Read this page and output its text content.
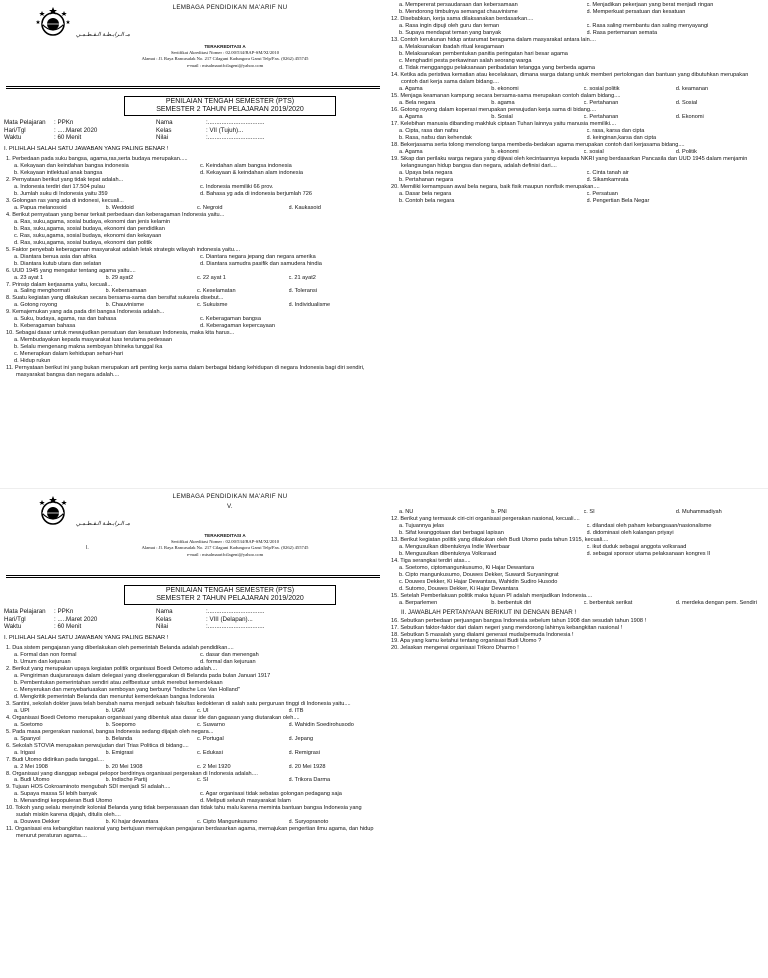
LEMBAGA PENDIDIKAN MA'ARIF NU
مـ الـرابـطـة الـقـطـمـي
TERAKREDITASI A
Sertifikat Akreditasi Nomer : 02.00/534/BAP-SM/XI/2010
Alamat : Jl. Raya Rancasalak No. 217 Cilaguni Kadungora Garut Telp/Fax. (0262) 455745
e-mail : mtsalmaarifcilageni@yahoo.com
PENILAIAN TENGAH SEMESTER (PTS)
SEMESTER 2 TAHUN PELAJARAN 2019/2020
Mata Pelajaran	: PPKn	Nama	:.................................
Hari/Tgl	: .....Maret 2020	Kelas	: VII (Tujuh)...
Waktu	: 60 Menit	Nilai	:.................................
I. PILIHLAH SALAH SATU JAWABAN YANG PALING BENAR !
1. Perbedaan pada suku bangsa, agama,ras,serta budaya merupakan.....
a. Kekayaan dan keindahan bangsa indonesia	c. Keindahan alam bangsa indonesia
b. Kekayaan intlektual anak bangsa	d. Kekayaan & keindahan alam indonesia
2. Pernyataan berikut yang tidak tepat adalah...
a. Indonesia terdiri dari 17.504 pulau	c. Indonesia memiliki 66 prov.
b. Jumlah suku di Indonesia yaitu 359	d. Bahasa yg ada di indonesia berjumlah 726
3. Golongan ras yang ada di indonesi, kecuali...
a. Papua melanosoid	b. Weddoid	c. Negroid	d. Kaukasoid
4. Berikut pernyataan yang benar terkait perbedaan dan keberagaman Indonesia yaitu...
a. Ras, suku,agama, sosial budaya, ekonomi dan jenis kelamin
b. Ras, suku,agama, sosial budaya, ekonomi dan pendidikan
c. Ras, suku,agama, sosial budaya, ekonomi dan kekayaan
d. Ras, suku,agama, sosial budaya, ekonomi dan politik
5. Faktor penyebab keberagaman masyarakat adalah letak strategis wilayah indonesia yaitu....
a. Diantara benua asia dan afrika	c. Diantara negara jepang dan negara amerika
b. Diantara kutub utara dan selatan	d. Diantara samudra pasifik dan samudera hindia
6. UUD 1945 yang mengatur tentang agama yaitu....
a. 23 ayat 1	b. 29 ayat2	c. 22 ayat 1	c. 21 ayat2
7. Prinsip dalam kerjasama yaitu, kecuali...
a. Saling menghormati	b. Kebersamaan	c. Keselamatan	d. Toleransi
8. Suatu kegiatan yang dilakukan secara bersama-sama dan bersifat sukarela disebut...
a. Gotong royong	b. Chauvinisme	c. Sukuisme	d. Individualisme
9. Kemajemukan yang ada pada diri bangsa Indonesia adalah...
a. Suku, budaya, agama, ras dan bahasa	c. Keberagaman bangsa
b. Keberagaman bahasa	d. Keberagaman kepercayaan
10. Sebagai dasar untuk mewujudkan persatuan dan kesatuan Indonesia, maka kita harus...
a. Membudayakan kepada masyarakat luas terutama pedesaan
b. Selalu mengenang makna semboyan bhineka tunggal ika
c. Menerapkan dalam kehidupan sehari-hari
d. Hidup rukun
11. Pernyataan berikut ini yang bukan merupakan arti penting kerja sama dalam berbagai bidang kehidupan di negara Indonesia bagi diri sendiri, masyarakat bangsa dan negara adalah....
a. Mempererat persaudaraan dan kebersamaan	c. Menjadikan pekerjaan yang berat menjadi ringan
b. Mendorong timbulnya semangat chauvinisme	d. Memperkuat persatuan dan kesatuan
12. Disebabkan, kerja sama dilaksanakan berdasarkan....
a. Rasa ingin dipuji oleh guru dan teman	c. Rasa saling membantu dan saling menyayangi
b. Supaya mendapat teman yang banyak	d. Rasa pertemanan semata
13. Contoh kerukunan hidup antarumat beragama dalam masyarakat antara lain....
a. Melaksanakan ibadah ritual keagamaan
b. Melaksanakan pembentukan panitia peringatan hari besar agama
c. Menghadiri pesta perkawinan salah seorang warga
d. Tidak mengganggu pelaksanaan peribadatan tetangga yang berbeda agama
14. Ketika ada peristiwa kematian atau kecelakaan, dimana warga datang untuk memberi pertolongan dan bantuan yang dibutuhkan merupakan contoh dari kerja sama dalam bidang....
a. Agama	b. ekonomi	c. sosial politik	d. keamanan
15. Menjaga keamanan kampung secara bersama-sama merupakan contoh dalam bidang....
a. Bela negara	b. agama	c. Pertahanan	d. Sosial
16. Gotong royong dalam koperasi merupakan perwujudan kerja sama di bidang....
a. Agama	b. Sosial	c. Pertahanan	d. Ekonomi
17. Kelebihan manusia dibanding makhluk ciptaan Tuhan lainnya yaitu manusia memiliki....
a. Cipta, rasa dan nafsu	c. rasa, karsa dan cipta
b. Rasa, nafsu dan kehendak	d. keinginan,karsa dan cipta
18. Bekerjasama serta tolong menolong tanpa membeda-bedakan agama merupakan contoh dari kerjasama bidang....
a. Agama	b. ekonomi	c. sosial	d. Politik
19. Sikap dan perilaku warga negara yang dijiwai oleh kecintaannya kepada NKRI yang berdasarkan Pancasila dan UUD 1945 dalam menjamin kelangsungan hidup bangsa dan negara, adalah definisi dari....
a. Upaya bela negara	c. Cinta tanah air
b. Pertahanan negara	d. Sikamkamrata
20. Memiliki kemampuan awal bela negara, baik fisik maupun nonfisik merupakan....
a. Dasar bela negara	c. Persatuan
b. Contoh bela negara	d. Pengertian Bela Negar
LEMBAGA PENDIDIKAN MA'ARIF NU
V.
مـ الـرابـطـة الـقـطـمـي
TERAKREDITASI A
Sertifikat Akreditasi Nomer : 02.00/534/BAP-SM/XI/2010
Alamat : Jl. Raya Rancasalak No. 217 Cilaguni Kadungora Garut Telp/Fax. (0262) 455745
e-mail : mtsalmaarifcilageni@yahoo.com
I.
PENILAIAN TENGAH SEMESTER (PTS)
SEMESTER 2 TAHUN PELAJARAN 2019/2020
Mata Pelajaran	: PPKn	Nama	:.................................
Hari/Tgl	: .....Maret 2020	Kelas	: VIII (Delapan)...
Waktu	: 60 Menit	Nilai	:.................................
I. PILIHLAH SALAH SATU JAWABAN YANG PALING BENAR !
1. Dua sistem pengajaran yang diberlakukan oleh pemerintah Belanda adalah pendidikan....
a. Formal dan non formal	c. dasar dan menengah
b. Umum dan kejuruan	d. formal dan kejuruan
2. Berikut yang merupakan upaya kegiatan politik organisasi Boedi Oetomo adalah....
a. Pengiriman duajuransaya dalam delegasi yang diselenggarakan di Belanda pada bulan Januari 1917
b. Pembentukan pemerintahan sendiri atau zelfbestuur untuk merebut kemerdekaan
c. Menyerukan dan menyebarluaskan semboyan yang berbunyi "Indische Los Van Holland"
d. Mengkritik pemerintah Belanda dan menuntut kemerdekaan bangsa Indonesia
3. Santini, sekolah dokter jawa telah berubah nama menjadi sebuah fakultas kedokteran di salah satu perguruan tinggi di Indonesia yaitu....
a. UPI	b. UGM	c. UI	d. ITB
4. Organisasi Boedi Oetomo merupakan organisasi yang dibentuk atas dasar ide dan gagasan yang diutarakan oleh....
a. Soetomo	b. Soepomo	c. Suwarno	d. Wahidin Soedirohusodo
5. Pada masa pergerakan nasional, bangsa Indonesia sedang dijajah oleh negara...
a. Spanyol	b. Belanda	c. Portugal	d. Jepang
6. Sekolah STOVIA merupakan perwujudan dari Trias Politica di bidang....
a. Irigasi	b. Emigrasi	c. Edukasi	d. Remigrasi
7. Budi Utomo didirikan pada tanggal....
a. 2 Mei 1908	b. 20 Mei 1908	c. 2 Mei 1920	d. 20 Mei 1928
8. Organisasi yang dianggap sebagai pelopor berdirinya organisasi pergerakan di Indonesia adalah....
a. Budi Utomo	b. Indische Partij	c. SI	d. Trikora Darma
9. Tujuan HOS Cokroaminoto mengubah SDI menjadi SI adalah....
a. Supaya massa SI lebih banyak	c. Agar organisasi tidak sebatas golongan pedagang saja
b. Menandingi kepopuleran Budi Utomo	d. Meliputi seluruh masyarakat Islam
10. Tokoh yang selalu menyindir kolonial Belanda yang tidak berperasaan dan tidak tahu malu karena meminta bantuan bangsa Indonesia yang sudah miskin karena dijajah, ditulis oleh....
a. Douwes Dekker	b. Ki hajar dewantara	c. Cipto Mangunkusumo	d. Suryopranoto
11. Organisasi era kebangkitan nasional yang bertujuan memajukan pengajaran berdasarkan agama, memajukan pengertian ilmu agama, dan hidup menurut peraturan agama....
a. NU	b. PNI	c. SI	d. Muhammadiyah
12. Berikut yang termasuk ciri-ciri organisasi pergerakan nasional, kecuali....
a. Tujuannya jelas	c. dilandasi oleh paham kebangsaan/nasionalisme
b. Sifat keanggotaan dari berbagai lapisan	d. didominasi oleh kalangan priyayi
13. Berikut kegiatan politik yang dilakukan oleh Budi Utomo pada tahun 1915, kecuali....
a. Mengusulkan dibentuknya Indie Weerbaar	c. ikut duduk sebagai anggota volksraad
b. Mengusulkan dibentuknya Volksraad	d. sebagai sponsor utama pelaksanaan kongres II
14. Tiga serangkai terdiri atas....
a. Soetomo, ciptomangunkusumo, Ki Hajar Dewantara
b. Cipto mangunkusumo, Douwes Dekker, Suwardi Suryaningrat
c. Douwes Dekker, Ki Hajar Dewantara, Wahidin Sudiro Husodo
d. Sutomo, Douwes Dekker, Ki Hajar Dewantara
15. Setelah Pemberlakuan politik maka tujuan PI adalah menjadikan Indonesia....
a. Berparlemen	b. berbentuk diri	c. berbentuk serikat	d. merdeka dengan pem. Sendiri
II. JAWABLAH PERTANYAAN BERIKUT INI DENGAN BENAR !
16. Sebutkan perbedaan perjuangan bangsa Indonesia sebelum tahun 1908 dan sesudah tahun 1908 !
17. Sebutkan faktor-faktor dari dalam negeri yang mendorong lahirnya kebangkitan nasional !
18. Sebutkan 5 masalah yang dialami generasi muda/pemuda Indonesia !
19. Apa yang kamu ketahui tentang organisasi Budi Utomo ?
20. Jelaskan mengenai organisasi Trikoro Dharmo !
